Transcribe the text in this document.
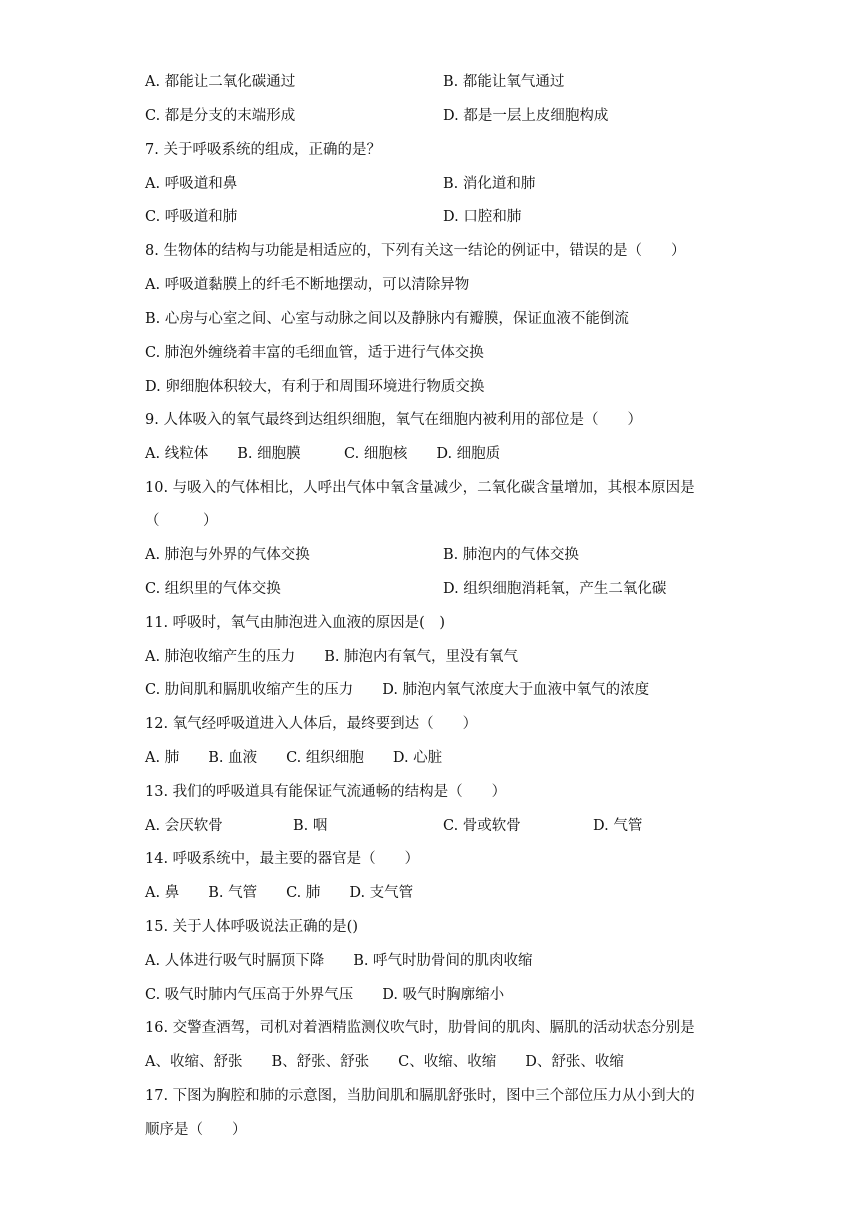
A. 都能让二氧化碳通过	B. 都能让氧气通过
C. 都是分支的末端形成	D. 都是一层上皮细胞构成
7. 关于呼吸系统的组成，正确的是？
A. 呼吸道和鼻	B. 消化道和肺
C. 呼吸道和肺	D. 口腔和肺
8. 生物体的结构与功能是相适应的，下列有关这一结论的例证中，错误的是（　　）
A. 呼吸道黏膜上的纤毛不断地摆动，可以清除异物
B. 心房与心室之间、心室与动脉之间以及静脉内有瓣膜，保证血液不能倒流
C. 肺泡外缠绕着丰富的毛细血管，适于进行气体交换
D. 卵细胞体积较大，有利于和周围环境进行物质交换
9. 人体吸入的氧气最终到达组织细胞，氧气在细胞内被利用的部位是（　　）
A. 线粒体　　B. 细胞膜　　　C. 细胞核　　D. 细胞质
10. 与吸入的气体相比，人呼出气体中氧含量减少，二氧化碳含量增加，其根本原因是
（　　　）
A. 肺泡与外界的气体交换	B. 肺泡内的气体交换
C. 组织里的气体交换	D. 组织细胞消耗氧，产生二氧化碳
11. 呼吸时，氧气由肺泡进入血液的原因是(　)
A. 肺泡收缩产生的压力　　B. 肺泡内有氧气，里没有氧气
C. 肋间肌和膈肌收缩产生的压力　　D. 肺泡内氧气浓度大于血液中氧气的浓度
12. 氧气经呼吸道进入人体后，最终要到达（　　）
A. 肺　　B. 血液　　C. 组织细胞　　D. 心脏
13. 我们的呼吸道具有能保证气流通畅的结构是（　　）
A. 会厌软骨	B. 咽	C. 骨或软骨	D. 气管
14. 呼吸系统中，最主要的器官是（　　）
A. 鼻　　B. 气管　　C. 肺　　D. 支气管
15. 关于人体呼吸说法正确的是()
A. 人体进行吸气时膈顶下降　　B. 呼气时肋骨间的肌肉收缩
C. 吸气时肺内气压高于外界气压　　D. 吸气时胸廓缩小
16. 交警查酒驾，司机对着酒精监测仪吹气时，肋骨间的肌肉、膈肌的活动状态分别是
A、收缩、舒张　　B、舒张、舒张　　C、收缩、收缩　　D、舒张、收缩
17. 下图为胸腔和肺的示意图，当肋间肌和膈肌舒张时，图中三个部位压力从小到大的
顺序是（　　）
